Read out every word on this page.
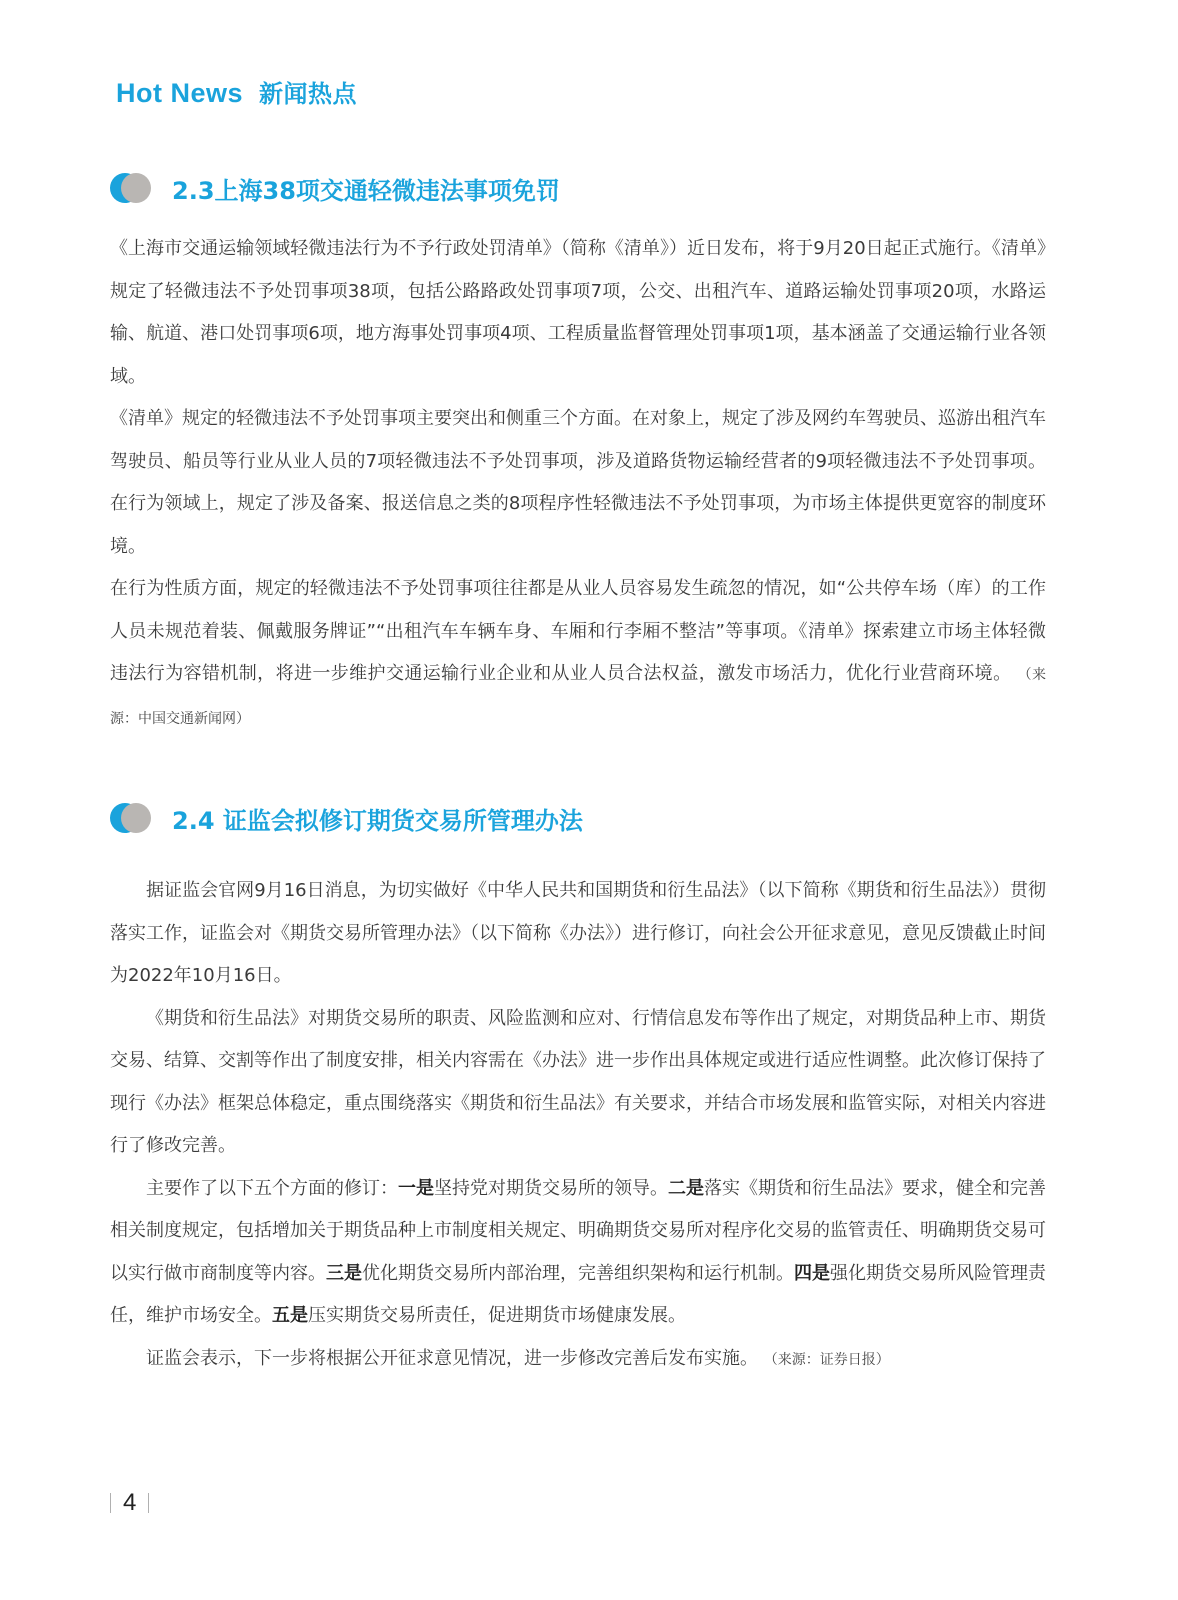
Hot News 新闻热点
2.3上海38项交通轻微违法事项免罚

《上海市交通运输领域轻微违法行为不予行政处罚清单》（简称《清单》）近日发布，将于9月20日起正式施行。《清单》规定了轻微违法不予处罚事项38项，包括公路路政处罚事项7项，公交、出租汽车、道路运输处罚事项20项，水路运输、航道、港口处罚事项6项，地方海事处罚事项4项、工程质量监督管理处罚事项1项，基本涵盖了交通运输行业各领域。

《清单》规定的轻微违法不予处罚事项主要突出和侧重三个方面。在对象上，规定了涉及网约车驾驶员、巡游出租汽车驾驶员、船员等行业从业人员的7项轻微违法不予处罚事项，涉及道路货物运输经营者的9项轻微违法不予处罚事项。在行为领域上，规定了涉及备案、报送信息之类的8项程序性轻微违法不予处罚事项，为市场主体提供更宽容的制度环境。

在行为性质方面，规定的轻微违法不予处罚事项往往都是从业人员容易发生疏忽的情况，如“公共停车场（库）的工作人员未规范着装、佩戴服务牌证”“出租汽车车辆车身、车厢和行李厢不整洁”等事项。《清单》探索建立市场主体轻微违法行为容错机制，将进一步维护交通运输行业企业和从业人员合法权益，激发市场活力，优化行业营商环境。 （来源：中国交通新闻网）

2.4 证监会拟修订期货交易所管理办法

据证监会官网9月16日消息，为切实做好《中华人民共和国期货和衍生品法》（以下简称《期货和衍生品法》）贯彻落实工作，证监会对《期货交易所管理办法》（以下简称《办法》）进行修订，向社会公开征求意见，意见反馈截止时间为2022年10月16日。

《期货和衍生品法》对期货交易所的职责、风险监测和应对、行情信息发布等作出了规定，对期货品种上市、期货交易、结算、交割等作出了制度安排，相关内容需在《办法》进一步作出具体规定或进行适应性调整。此次修订保持了现行《办法》框架总体稳定，重点围绕落实《期货和衍生品法》有关要求，并结合市场发展和监管实际，对相关内容进行了修改完善。

主要作了以下五个方面的修订：一是坚持党对期货交易所的领导。二是落实《期货和衍生品法》要求，健全和完善相关制度规定，包括增加关于期货品种上市制度相关规定、明确期货交易所对程序化交易的监管责任、明确期货交易可以实行做市商制度等内容。三是优化期货交易所内部治理，完善组织架构和运行机制。四是强化期货交易所风险管理责任，维护市场安全。五是压实期货交易所责任，促进期货市场健康发展。

证监会表示，下一步将根据公开征求意见情况，进一步修改完善后发布实施。 （来源：证券日报）

4
